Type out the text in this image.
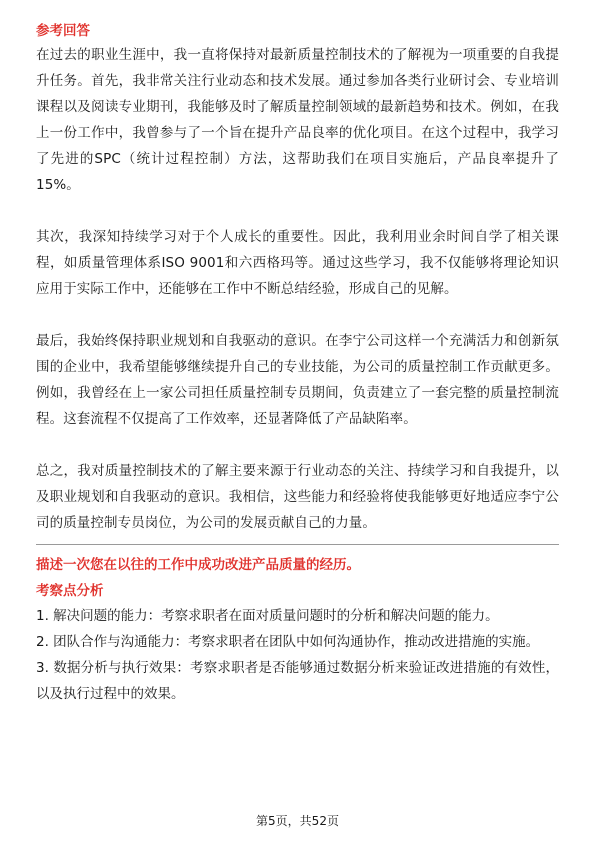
参考回答

在过去的职业生涯中，我一直将保持对最新质量控制技术的了解视为一项重要的自我提升任务。首先，我非常关注行业动态和技术发展。通过参加各类行业研讨会、专业培训课程以及阅读专业期刊，我能够及时了解质量控制领域的最新趋势和技术。例如，在我上一份工作中，我曾参与了一个旨在提升产品良率的优化项目。在这个过程中，我学习了先进的SPC（统计过程控制）方法，这帮助我们在项目实施后，产品良率提升了15%。

其次，我深知持续学习对于个人成长的重要性。因此，我利用业余时间自学了相关课程，如质量管理体系ISO 9001和六西格玛等。通过这些学习，我不仅能够将理论知识应用于实际工作中，还能够在工作中不断总结经验，形成自己的见解。

最后，我始终保持职业规划和自我驱动的意识。在李宁公司这样一个充满活力和创新氛围的企业中，我希望能够继续提升自己的专业技能，为公司的质量控制工作贡献更多。例如，我曾经在上一家公司担任质量控制专员期间，负责建立了一套完整的质量控制流程。这套流程不仅提高了工作效率，还显著降低了产品缺陷率。

总之，我对质量控制技术的了解主要来源于行业动态的关注、持续学习和自我提升，以及职业规划和自我驱动的意识。我相信，这些能力和经验将使我能够更好地适应李宁公司的质量控制专员岗位，为公司的发展贡献自己的力量。

描述一次您在以往的工作中成功改进产品质量的经历。

考察点分析

1. 解决问题的能力：考察求职者在面对质量问题时的分析和解决问题的能力。
2. 团队合作与沟通能力：考察求职者在团队中如何沟通协作，推动改进措施的实施。
3. 数据分析与执行效果：考察求职者是否能够通过数据分析来验证改进措施的有效性，以及执行过程中的效果。
第5页，共52页
